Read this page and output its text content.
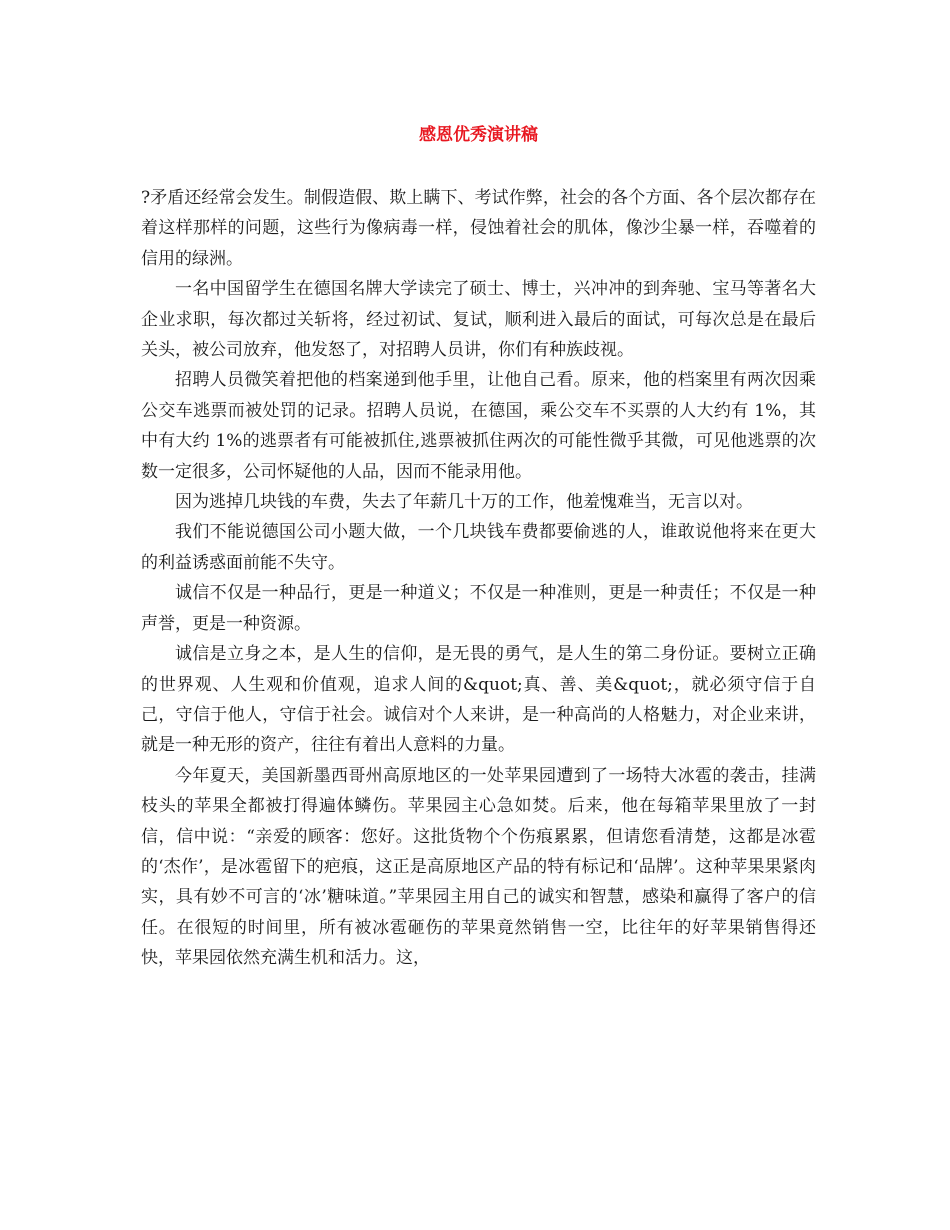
感恩优秀演讲稿

?矛盾还经常会发生。制假造假、欺上瞒下、考试作弊，社会的各个方面、各个层次都存在着这样那样的问题，这些行为像病毒一样，侵蚀着社会的肌体，像沙尘暴一样，吞噬着的信用的绿洲。

一名中国留学生在德国名牌大学读完了硕士、博士，兴冲冲的到奔驰、宝马等著名大企业求职，每次都过关斩将，经过初试、复试，顺利进入最后的面试，可每次总是在最后关头，被公司放弃，他发怒了，对招聘人员讲，你们有种族歧视。

招聘人员微笑着把他的档案递到他手里，让他自己看。原来，他的档案里有两次因乘公交车逃票而被处罚的记录。招聘人员说，在德国，乘公交车不买票的人大约有 1%，其中有大约 1%的逃票者有可能被抓住,逃票被抓住两次的可能性微乎其微，可见他逃票的次数一定很多，公司怀疑他的人品，因而不能录用他。

因为逃掉几块钱的车费，失去了年薪几十万的工作，他羞愧难当，无言以对。

我们不能说德国公司小题大做，一个几块钱车费都要偷逃的人，谁敢说他将来在更大的利益诱惑面前能不失守。

诚信不仅是一种品行，更是一种道义；不仅是一种准则，更是一种责任；不仅是一种声誉，更是一种资源。

诚信是立身之本，是人生的信仰，是无畏的勇气，是人生的第二身份证。要树立正确的世界观、人生观和价值观，追求人间的&quot;真、善、美&quot;，就必须守信于自己，守信于他人，守信于社会。诚信对个人来讲，是一种高尚的人格魅力，对企业来讲，就是一种无形的资产，往往有着出人意料的力量。

今年夏天，美国新墨西哥州高原地区的一处苹果园遭到了一场特大冰雹的袭击，挂满枝头的苹果全都被打得遍体鳞伤。苹果园主心急如焚。后来，他在每箱苹果里放了一封信，信中说：“亲爱的顾客：您好。这批货物个个伤痕累累，但请您看清楚，这都是冰雹的‘杰作’，是冰雹留下的疤痕，这正是高原地区产品的特有标记和‘品牌’。这种苹果果紧肉实，具有妙不可言的‘冰’糖味道。”苹果园主用自己的诚实和智慧，感染和赢得了客户的信任。在很短的时间里，所有被冰雹砸伤的苹果竟然销售一空，比往年的好苹果销售得还快，苹果园依然充满生机和活力。这，
